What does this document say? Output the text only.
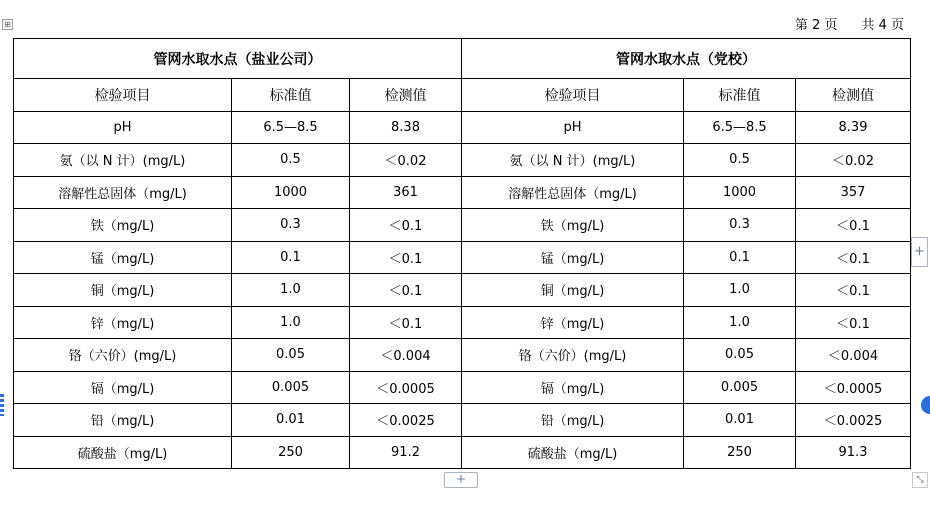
第 2 页 共 4 页
⊞
管网水取水点（盐业公司）			管网水取水点（党校）		
检验项目	标准值	检测值	检验项目	标准值	检测值
pH	6.5—8.5	8.38	pH	6.5—8.5	8.39
氨（以 N 计）(mg/L)	0.5	＜0.02	氨（以 N 计）(mg/L)	0.5	＜0.02
溶解性总固体（mg/L)	1000	361	溶解性总固体（mg/L)	1000	357
铁（mg/L)	0.3	＜0.1	铁（mg/L)	0.3	＜0.1
锰（mg/L)	0.1	＜0.1	锰（mg/L)	0.1	＜0.1
铜（mg/L)	1.0	＜0.1	铜（mg/L)	1.0	＜0.1
锌（mg/L)	1.0	＜0.1	锌（mg/L)	1.0	＜0.1
铬（六价）(mg/L)	0.05	＜0.004	铬（六价）(mg/L)	0.05	＜0.004
镉（mg/L)	0.005	＜0.0005	镉（mg/L)	0.005	＜0.0005
铅（mg/L)	0.01	＜0.0025	铅（mg/L)	0.01	＜0.0025
硫酸盐（mg/L)	250	91.2	硫酸盐（mg/L)	250	91.3
+
+	⤡
